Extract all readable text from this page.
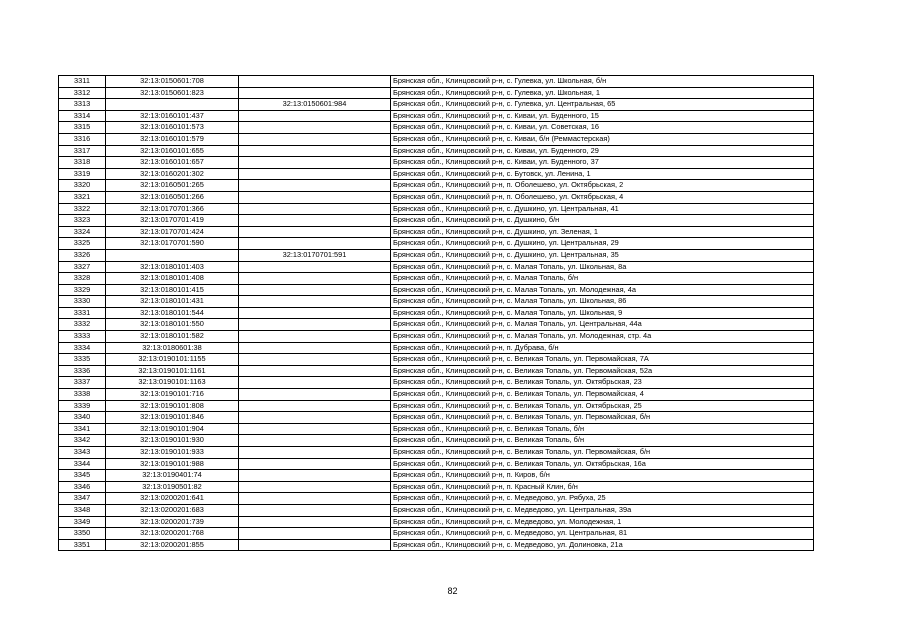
3311	32:13:0150601:708		Брянская обл., Клинцовский р-н, с. Гулевка, ул. Школьная, б/н
3312	32:13:0150601:823		Брянская обл., Клинцовский р-н, с. Гулевка, ул. Школьная, 1
3313		32:13:0150601:984	Брянская обл., Клинцовский р-н, с. Гулевка, ул. Центральная, 65
3314	32:13:0160101:437		Брянская обл., Клинцовский р-н, с. Киваи, ул. Буденного, 15
3315	32:13:0160101:573		Брянская обл., Клинцовский р-н, с. Киваи, ул. Советская, 16
3316	32:13:0160101:579		Брянская обл., Клинцовский р-н, с. Киваи, б/н (Реммастерская)
3317	32:13:0160101:655		Брянская обл., Клинцовский р-н, с. Киваи, ул. Буденного, 29
3318	32:13:0160101:657		Брянская обл., Клинцовский р-н, с. Киваи, ул. Буденного, 37
3319	32:13:0160201:302		Брянская обл., Клинцовский р-н, с. Бутовск, ул. Ленина, 1
3320	32:13:0160501:265		Брянская обл., Клинцовский р-н, п. Оболешево, ул. Октябрьская, 2
3321	32:13:0160501:266		Брянская обл., Клинцовский р-н, п. Оболешево, ул. Октябрьская, 4
3322	32:13:0170701:366		Брянская обл., Клинцовский р-н, с. Душкино, ул. Центральная, 41
3323	32:13:0170701:419		Брянская обл., Клинцовский р-н, с. Душкино, б/н
3324	32:13:0170701:424		Брянская обл., Клинцовский р-н, с. Душкино, ул. Зеленая, 1
3325	32:13:0170701:590		Брянская обл., Клинцовский р-н, с. Душкино, ул. Центральная, 29
3326		32:13:0170701:591	Брянская обл., Клинцовский р-н, с. Душкино, ул. Центральная, 35
3327	32:13:0180101:403		Брянская обл., Клинцовский р-н, с. Малая Топаль, ул. Школьная, 8а
3328	32:13:0180101:408		Брянская обл., Клинцовский р-н, с. Малая Топаль, б/н
3329	32:13:0180101:415		Брянская обл., Клинцовский р-н, с. Малая Топаль, ул. Молодежная, 4а
3330	32:13:0180101:431		Брянская обл., Клинцовский р-н, с. Малая Топаль, ул. Школьная, 86
3331	32:13:0180101:544		Брянская обл., Клинцовский р-н, с. Малая Топаль, ул. Школьная, 9
3332	32:13:0180101:550		Брянская обл., Клинцовский р-н, с. Малая Топаль, ул. Центральная, 44а
3333	32:13:0180101:582		Брянская обл., Клинцовский р-н, с. Малая Топаль, ул. Молодежная, стр. 4а
3334	32:13:0180601:38		Брянская обл., Клинцовский р-н, п. Дубрава, б/н
3335	32:13:0190101:1155		Брянская обл., Клинцовский р-н, с. Великая Топаль, ул. Первомайская, 7А
3336	32:13:0190101:1161		Брянская обл., Клинцовский р-н, с. Великая Топаль, ул. Первомайская, 52а
3337	32:13:0190101:1163		Брянская обл., Клинцовский р-н, с. Великая Топаль, ул. Октябрьская, 23
3338	32:13:0190101:716		Брянская обл., Клинцовский р-н, с. Великая Топаль, ул. Первомайская, 4
3339	32:13:0190101:808		Брянская обл., Клинцовский р-н, с. Великая Топаль, ул. Октябрьская, 25
3340	32:13:0190101:846		Брянская обл., Клинцовский р-н, с. Великая Топаль, ул. Первомайская, б/н
3341	32:13:0190101:904		Брянская обл., Клинцовский р-н, с. Великая Топаль, б/н
3342	32:13:0190101:930		Брянская обл., Клинцовский р-н, с. Великая Топаль, б/н
3343	32:13:0190101:933		Брянская обл., Клинцовский р-н, с. Великая Топаль, ул. Первомайская, б/н
3344	32:13:0190101:988		Брянская обл., Клинцовский р-н, с. Великая Топаль, ул. Октябрьская, 16а
3345	32:13:0190401:74		Брянская обл., Клинцовский р-н, п. Киров, б/н
3346	32:13:0190501:82		Брянская обл., Клинцовский р-н, п. Красный Клин, б/н
3347	32:13:0200201:641		Брянская обл., Клинцовский р-н, с. Медведово, ул. Рябуха, 25
3348	32:13:0200201:683		Брянская обл., Клинцовский р-н, с. Медведово, ул. Центральная, 39а
3349	32:13:0200201:739		Брянская обл., Клинцовский р-н, с. Медведово, ул. Молодежная, 1
3350	32:13:0200201:768		Брянская обл., Клинцовский р-н, с. Медведово, ул. Центральная, 81
3351	32:13:0200201:855		Брянская обл., Клинцовский р-н, с. Медведово, ул. Долиновка, 21а
82
